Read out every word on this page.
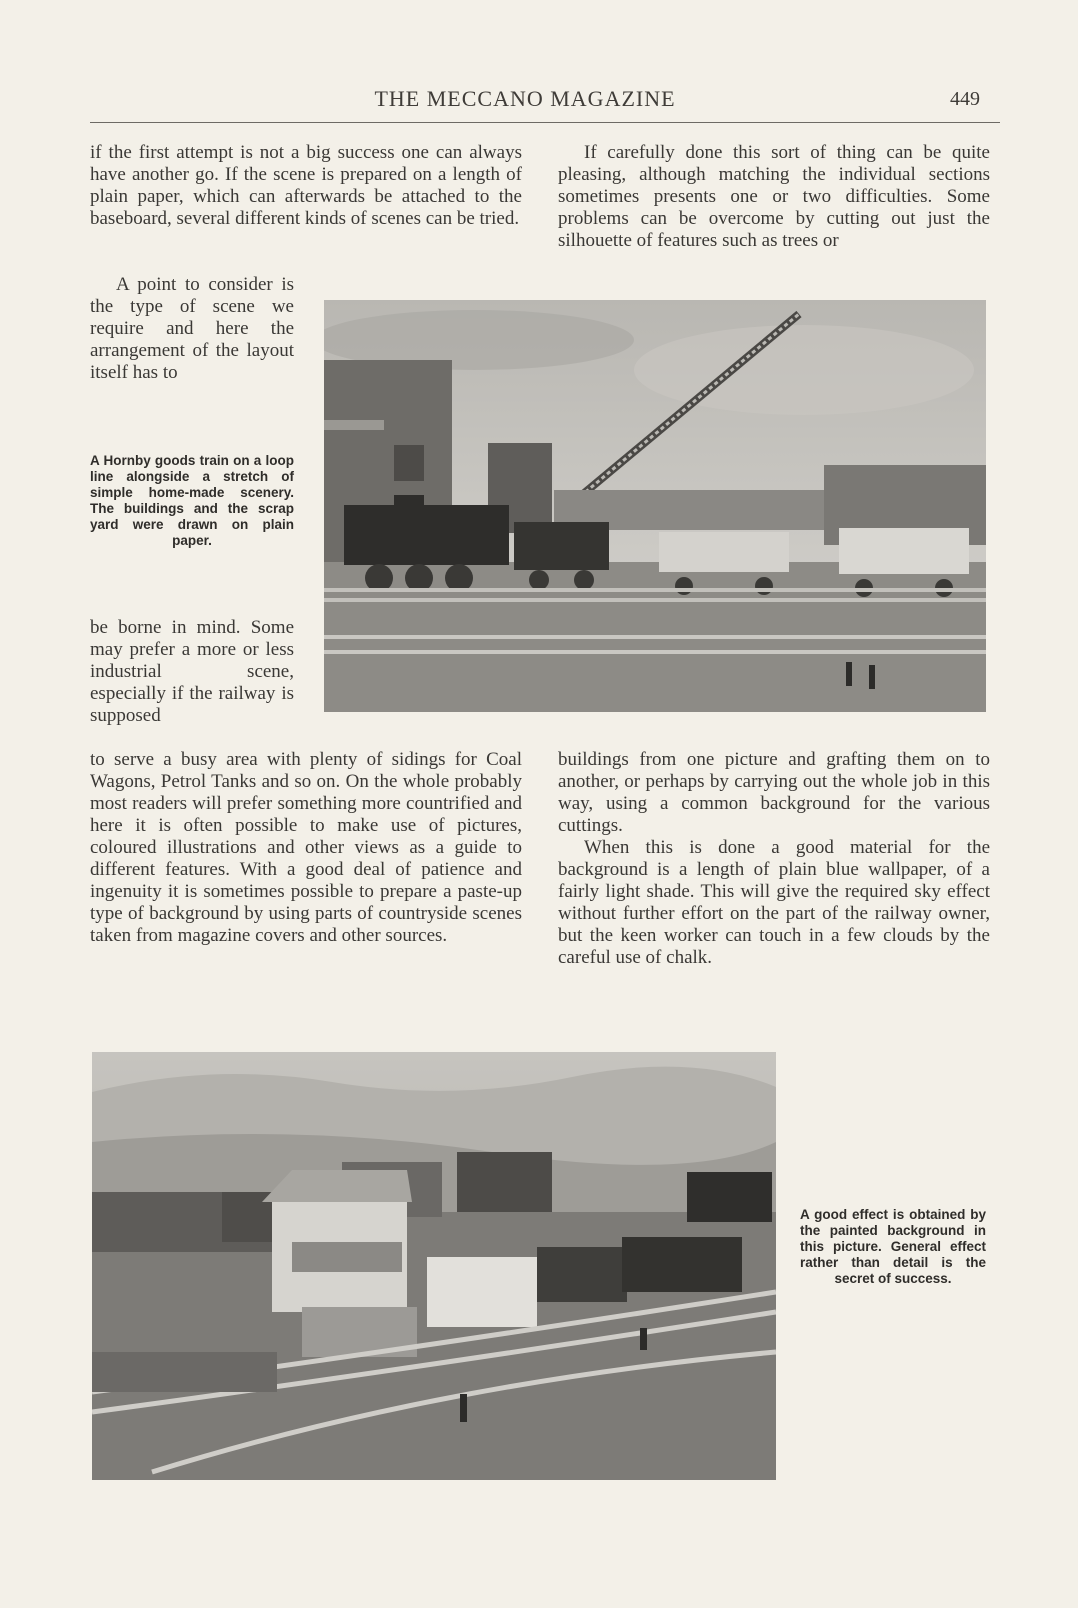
THE MECCANO MAGAZINE	449

if the first attempt is not a big success one can always have another go. If the scene is prepared on a length of plain paper, which can afterwards be attached to the baseboard, several different kinds of scenes can be tried.

A point to consider is the type of scene we require and here the arrangement of the layout itself has to

A Hornby goods train on a loop line alongside a stretch of simple home-made scenery. The buildings and the scrap yard were drawn on plain paper.

be borne in mind. Some may prefer a more or less industrial scene, especially if the railway is supposed

to serve a busy area with plenty of sidings for Coal Wagons, Petrol Tanks and so on. On the whole probably most readers will prefer something more countrified and here it is often possible to make use of pictures, coloured illustrations and other views as a guide to different features. With a good deal of patience and ingenuity it is sometimes possible to prepare a paste-up type of background by using parts of countryside scenes taken from magazine covers and other sources.

If carefully done this sort of thing can be quite pleasing, although matching the individual sections sometimes presents one or two difficulties. Some problems can be overcome by cutting out just the silhouette of features such as trees or

buildings from one picture and grafting them on to another, or perhaps by carrying out the whole job in this way, using a common background for the various cuttings.

When this is done a good material for the background is a length of plain blue wallpaper, of a fairly light shade. This will give the required sky effect without further effort on the part of the railway owner, but the keen worker can touch in a few clouds by the careful use of chalk.

A good effect is obtained by the painted background in this picture. General effect rather than detail is the secret of success.
